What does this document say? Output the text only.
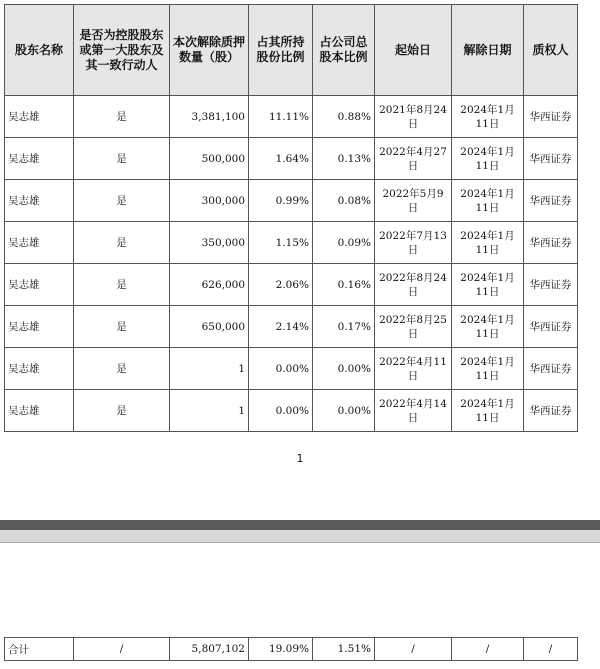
股东名称	是否为控股股东或第一大股东及其一致行动人	本次解除质押数量（股）	占其所持股份比例	占公司总股本比例	起始日	解除日期	质权人
吴志雄	是	3,381,100	11.11%	0.88%	2021年8月24日	2024年1月11日	华西证券
吴志雄	是	500,000	1.64%	0.13%	2022年4月27日	2024年1月11日	华西证券
吴志雄	是	300,000	0.99%	0.08%	2022年5月9日	2024年1月11日	华西证券
吴志雄	是	350,000	1.15%	0.09%	2022年7月13日	2024年1月11日	华西证券
吴志雄	是	626,000	2.06%	0.16%	2022年8月24日	2024年1月11日	华西证券
吴志雄	是	650,000	2.14%	0.17%	2022年8月25日	2024年1月11日	华西证券
吴志雄	是	1	0.00%	0.00%	2022年4月11日	2024年1月11日	华西证券
吴志雄	是	1	0.00%	0.00%	2022年4月14日	2024年1月11日	华西证券
1
合计	/	5,807,102	19.09%	1.51%	/	/	/
